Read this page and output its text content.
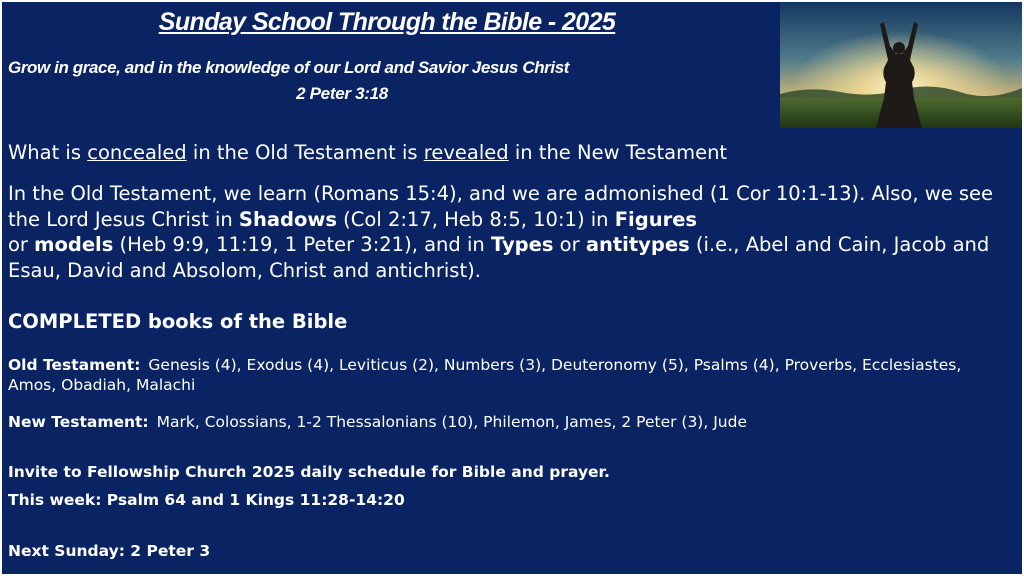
Sunday School Through the Bible - 2025
Grow in grace, and in the knowledge of our Lord and Savior Jesus Christ
2 Peter 3:18
What is concealed in the Old Testament is revealed in the New Testament
In the Old Testament, we learn (Romans 15:4), and we are admonished (1 Cor 10:1-13). Also, we see the Lord Jesus Christ in Shadows (Col 2:17, Heb 8:5, 10:1) in Figures
or models (Heb 9:9, 11:19, 1 Peter 3:21), and in Types or antitypes (i.e., Abel and Cain, Jacob and Esau, David and Absolom, Christ and antichrist).
COMPLETED books of the Bible
Old Testament: Genesis (4), Exodus (4), Leviticus (2), Numbers (3), Deuteronomy (5), Psalms (4), Proverbs, Ecclesiastes, Amos, Obadiah, Malachi
New Testament: Mark, Colossians, 1-2 Thessalonians (10), Philemon, James, 2 Peter (3), Jude
Invite to Fellowship Church 2025 daily schedule for Bible and prayer.
This week: Psalm 64 and 1 Kings 11:28-14:20
Next Sunday: 2 Peter 3
